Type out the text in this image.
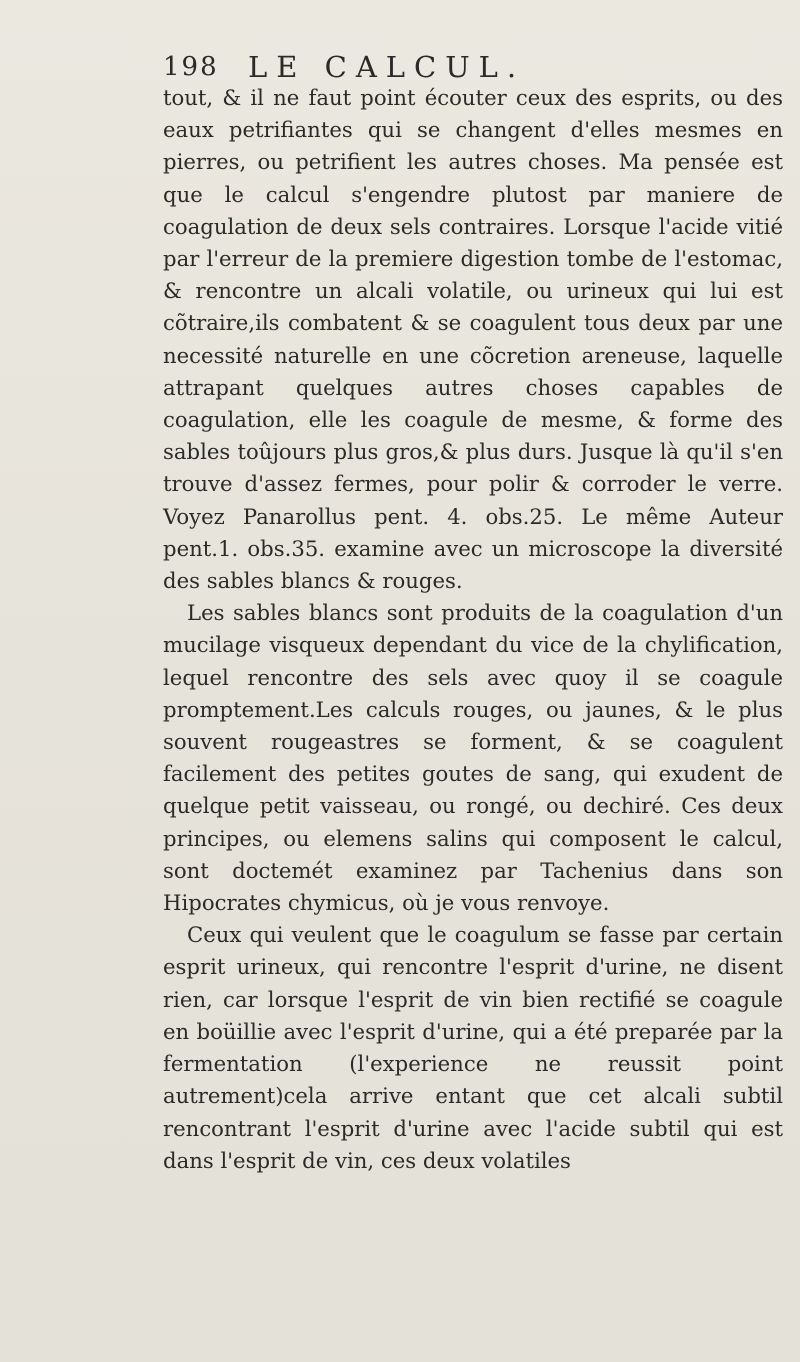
198 LE CALCUL.

tout, & il ne faut point écouter ceux des esprits, ou des eaux petrifiantes qui se changent d'elles mesmes en pierres, ou petrifient les autres choses. Ma pensée est que le calcul s'engendre plutost par maniere de coagulation de deux sels contraires. Lorsque l'acide vitié par l'erreur de la premiere digestion tombe de l'estomac, & rencontre un alcali volatile, ou urineux qui lui est cõtraire,ils combatent & se coagulent tous deux par une necessité naturelle en une cõcretion areneuse, laquelle attrapant quelques autres choses capables de coagulation, elle les coagule de mesme, & forme des sables toûjours plus gros,& plus durs. Jusque là qu'il s'en trouve d'assez fermes, pour polir & corroder le verre. Voyez Panarollus pent. 4. obs.25. Le même Auteur pent.1. obs.35. examine avec un microscope la diversité des sables blancs & rouges.

Les sables blancs sont produits de la coagulation d'un mucilage visqueux dependant du vice de la chylification, lequel rencontre des sels avec quoy il se coagule promptement.Les calculs rouges, ou jaunes, & le plus souvent rougeastres se forment, & se coagulent facilement des petites goutes de sang, qui exudent de quelque petit vaisseau, ou rongé, ou dechiré. Ces deux principes, ou elemens salins qui composent le calcul, sont doctemét examinez par Tachenius dans son Hipocrates chymicus, où je vous renvoye.

Ceux qui veulent que le coagulum se fasse par certain esprit urineux, qui rencontre l'esprit d'urine, ne disent rien, car lorsque l'esprit de vin bien rectifié se coagule en boüillie avec l'esprit d'urine, qui a été preparée par la fermentation (l'experience ne reussit point autrement)cela arrive entant que cet alcali subtil rencontrant l'esprit d'urine avec l'acide subtil qui est dans l'esprit de vin, ces deux volatiles
